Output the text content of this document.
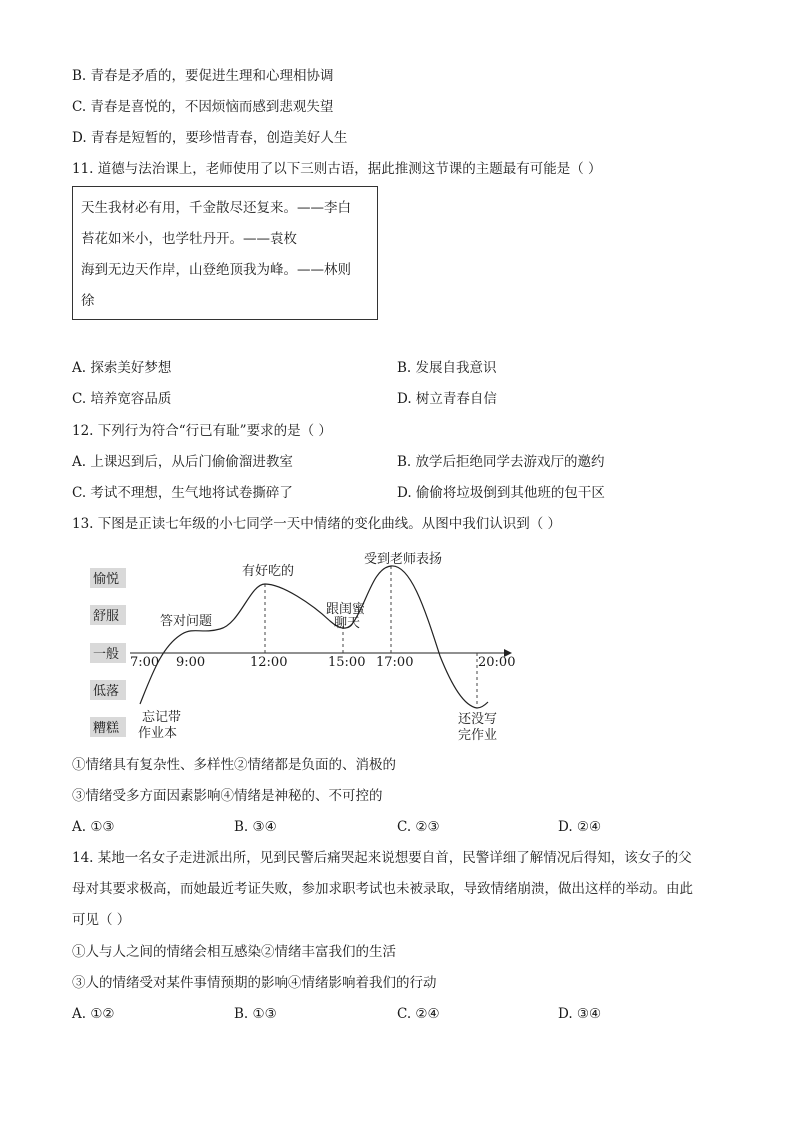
B. 青春是矛盾的，要促进生理和心理相协调
C. 青春是喜悦的，不因烦恼而感到悲观失望
D. 青春是短暂的，要珍惜青春，创造美好人生
11. 道德与法治课上，老师使用了以下三则古语，据此推测这节课的主题最有可能是（ ）
天生我材必有用，千金散尽还复来。——李白
苔花如米小，也学牡丹开。——袁枚
海到无边天作岸，山登绝顶我为峰。——林则
徐
A. 探索美好梦想	B. 发展自我意识
C. 培养宽容品质	D. 树立青春自信
12. 下列行为符合“行已有耻”要求的是（ ）
A. 上课迟到后，从后门偷偷溜进教室	B. 放学后拒绝同学去游戏厅的邀约
C. 考试不理想，生气地将试卷撕碎了	D. 偷偷将垃圾倒到其他班的包干区
13. 下图是正读七年级的小七同学一天中情绪的变化曲线。从图中我们认识到（ ）
愉悦
舒服
一般
低落
糟糕
7:00 9:00	12:00	15:00 17:00	20:00
忘记带
作业本
答对问题
有好吃的
跟闺蜜
聊天
受到老师表扬
还没写
完作业
①情绪具有复杂性、多样性②情绪都是负面的、消极的
③情绪受多方面因素影响④情绪是神秘的、不可控的
A. ①③	B. ③④	C. ②③	D. ②④
14. 某地一名女子走进派出所，见到民警后痛哭起来说想要自首，民警详细了解情况后得知，该女子的父
母对其要求极高，而她最近考证失败，参加求职考试也未被录取，导致情绪崩溃，做出这样的举动。由此
可见（ ）
①人与人之间的情绪会相互感染②情绪丰富我们的生活
③人的情绪受对某件事情预期的影响④情绪影响着我们的行动
A. ①②	B. ①③	C. ②④	D. ③④
